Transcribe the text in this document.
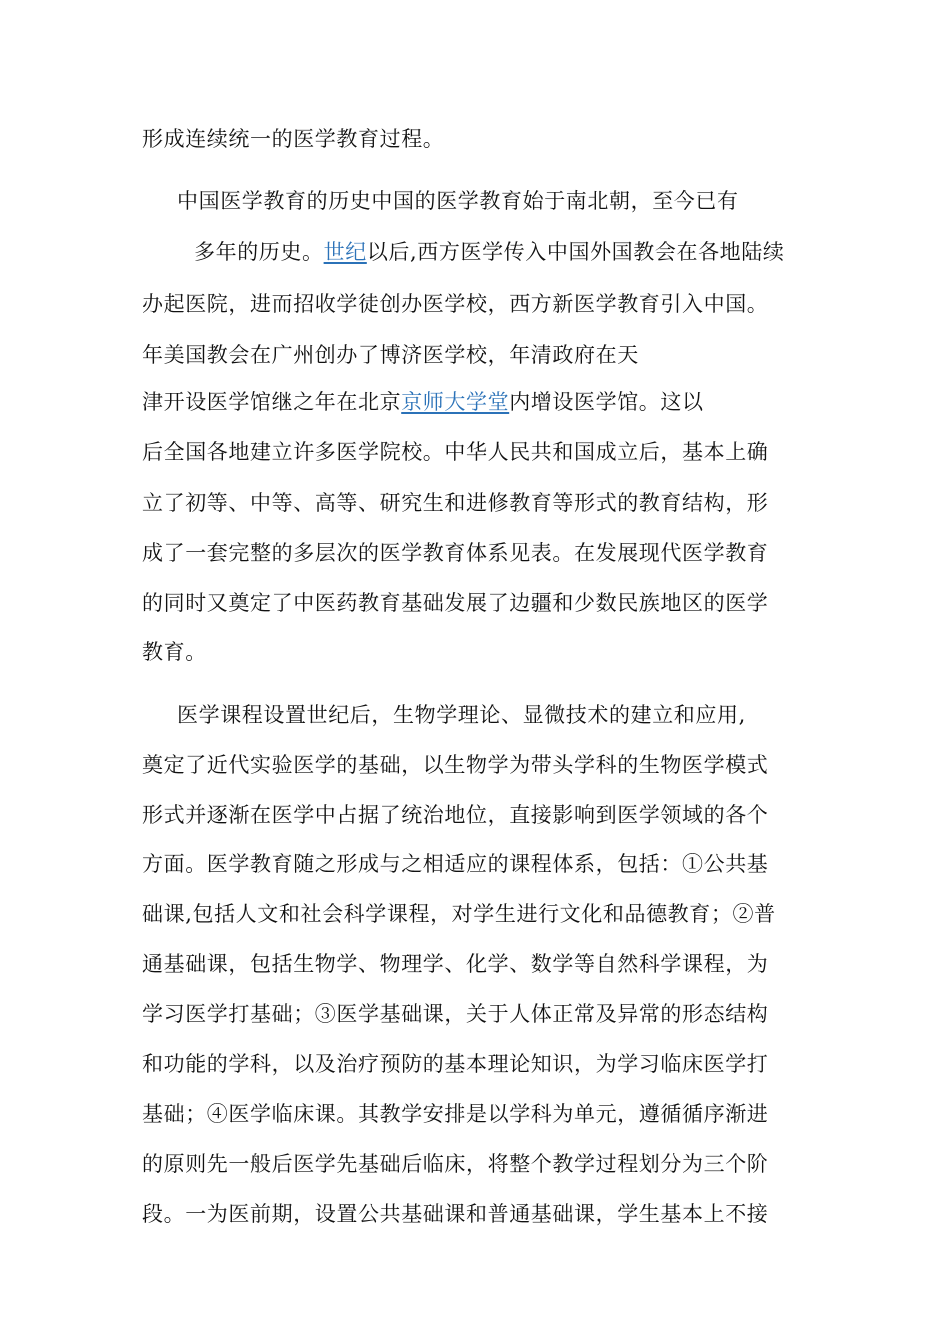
形成连续统一的医学教育过程。
中国医学教育的历史中国的医学教育始于南北朝，至今已有
多年的历史。世纪以后,西方医学传入中国外国教会在各地陆续
办起医院，进而招收学徒创办医学校，西方新医学教育引入中国。
年美国教会在广州创办了博济医学校，年清政府在天
津开设医学馆继之年在北京京师大学堂内增设医学馆。这以
后全国各地建立许多医学院校。中华人民共和国成立后，基本上确
立了初等、中等、高等、研究生和进修教育等形式的教育结构，形
成了一套完整的多层次的医学教育体系见表。在发展现代医学教育
的同时又奠定了中医药教育基础发展了边疆和少数民族地区的医学
教育。
医学课程设置世纪后，生物学理论、显微技术的建立和应用,
奠定了近代实验医学的基础，以生物学为带头学科的生物医学模式
形式并逐渐在医学中占据了统治地位，直接影响到医学领域的各个
方面。医学教育随之形成与之相适应的课程体系，包括：①公共基
础课,包括人文和社会科学课程，对学生进行文化和品德教育；②普
通基础课，包括生物学、物理学、化学、数学等自然科学课程，为
学习医学打基础；③医学基础课，关于人体正常及异常的形态结构
和功能的学科，以及治疗预防的基本理论知识，为学习临床医学打
基础；④医学临床课。其教学安排是以学科为单元，遵循循序渐进
的原则先一般后医学先基础后临床，将整个教学过程划分为三个阶
段。一为医前期，设置公共基础课和普通基础课，学生基本上不接
